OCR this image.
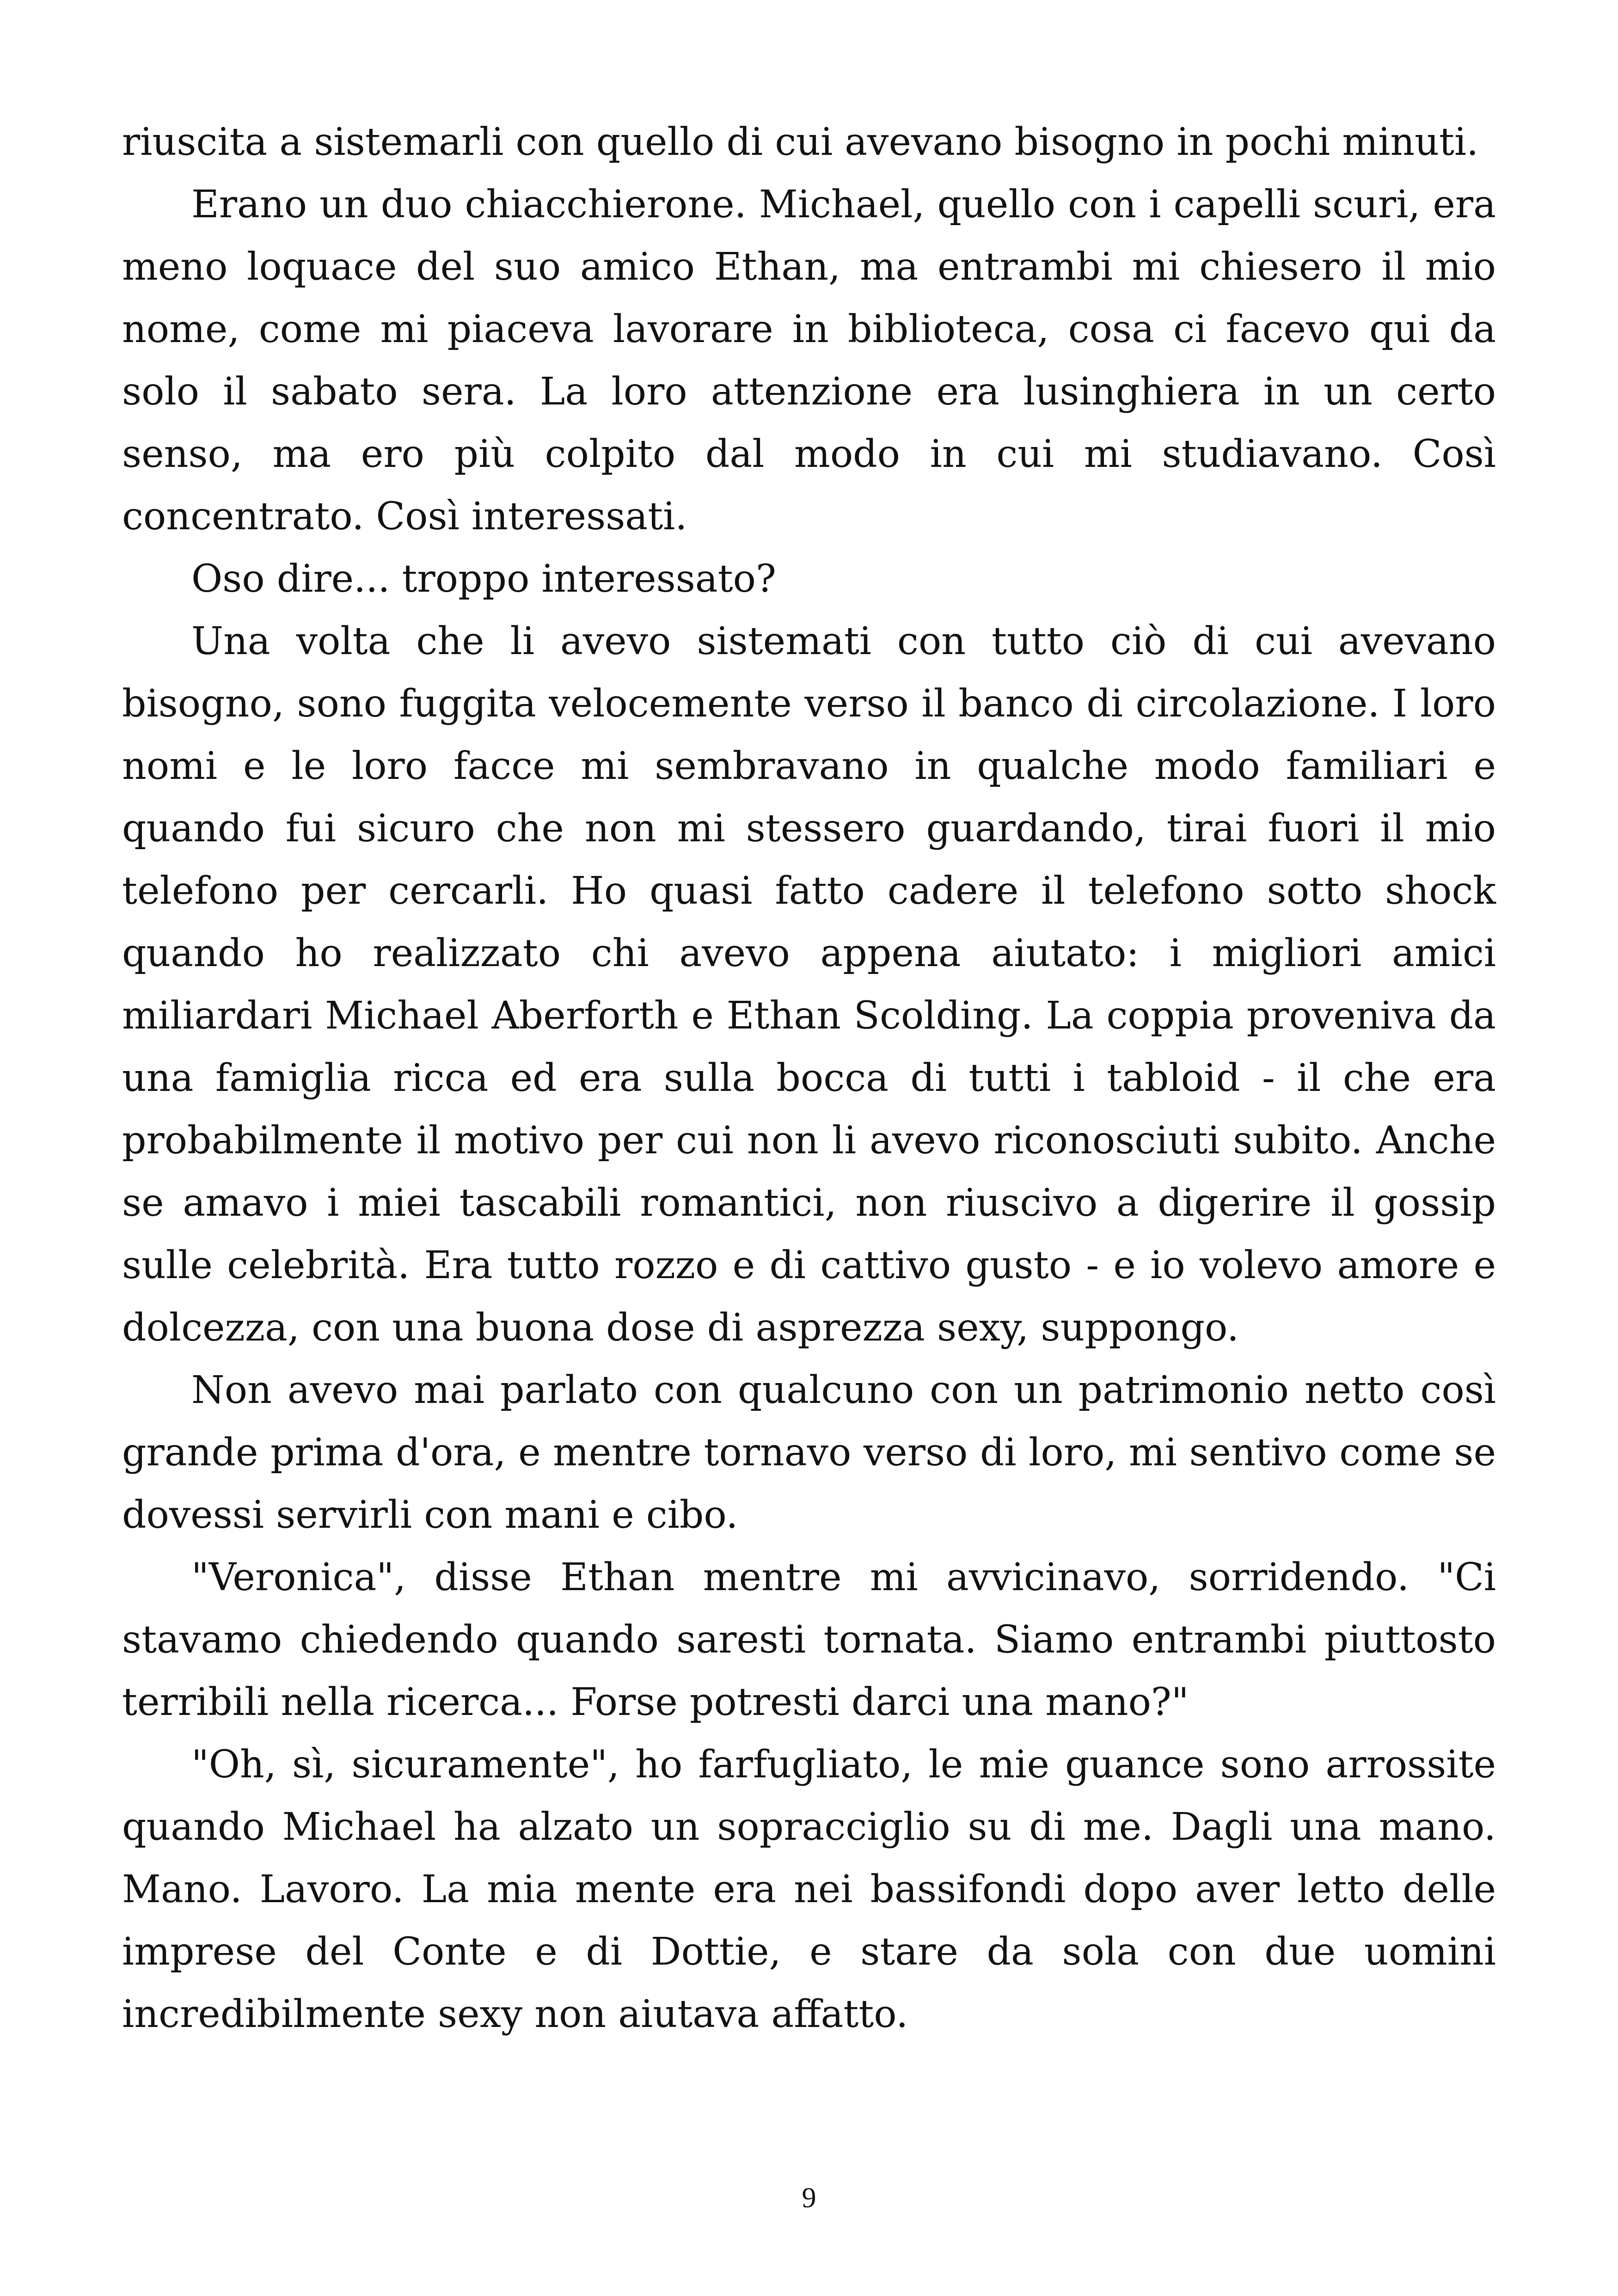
riuscita a sistemarli con quello di cui avevano bisogno in pochi minuti.

Erano un duo chiacchierone. Michael, quello con i capelli scuri, era meno loquace del suo amico Ethan, ma entrambi mi chiesero il mio nome, come mi piaceva lavorare in biblioteca, cosa ci facevo qui da solo il sabato sera. La loro attenzione era lusinghiera in un certo senso, ma ero più colpito dal modo in cui mi studiavano. Così concentrato. Così interessati.

Oso dire... troppo interessato?

Una volta che li avevo sistemati con tutto ciò di cui avevano bisogno, sono fuggita velocemente verso il banco di circolazione. I loro nomi e le loro facce mi sembravano in qualche modo familiari e quando fui sicuro che non mi stessero guardando, tirai fuori il mio telefono per cercarli. Ho quasi fatto cadere il telefono sotto shock quando ho realizzato chi avevo appena aiutato: i migliori amici miliardari Michael Aberforth e Ethan Scolding. La coppia proveniva da una famiglia ricca ed era sulla bocca di tutti i tabloid - il che era probabilmente il motivo per cui non li avevo riconosciuti subito. Anche se amavo i miei tascabili romantici, non riuscivo a digerire il gossip sulle celebrità. Era tutto rozzo e di cattivo gusto - e io volevo amore e dolcezza, con una buona dose di asprezza sexy, suppongo.

Non avevo mai parlato con qualcuno con un patrimonio netto così grande prima d'ora, e mentre tornavo verso di loro, mi sentivo come se dovessi servirli con mani e cibo.

"Veronica", disse Ethan mentre mi avvicinavo, sorridendo. "Ci stavamo chiedendo quando saresti tornata. Siamo entrambi piuttosto terribili nella ricerca... Forse potresti darci una mano?"

"Oh, sì, sicuramente", ho farfugliato, le mie guance sono arrossite quando Michael ha alzato un sopracciglio su di me. Dagli una mano. Mano. Lavoro. La mia mente era nei bassifondi dopo aver letto delle imprese del Conte e di Dottie, e stare da sola con due uomini incredibilmente sexy non aiutava affatto.

9
